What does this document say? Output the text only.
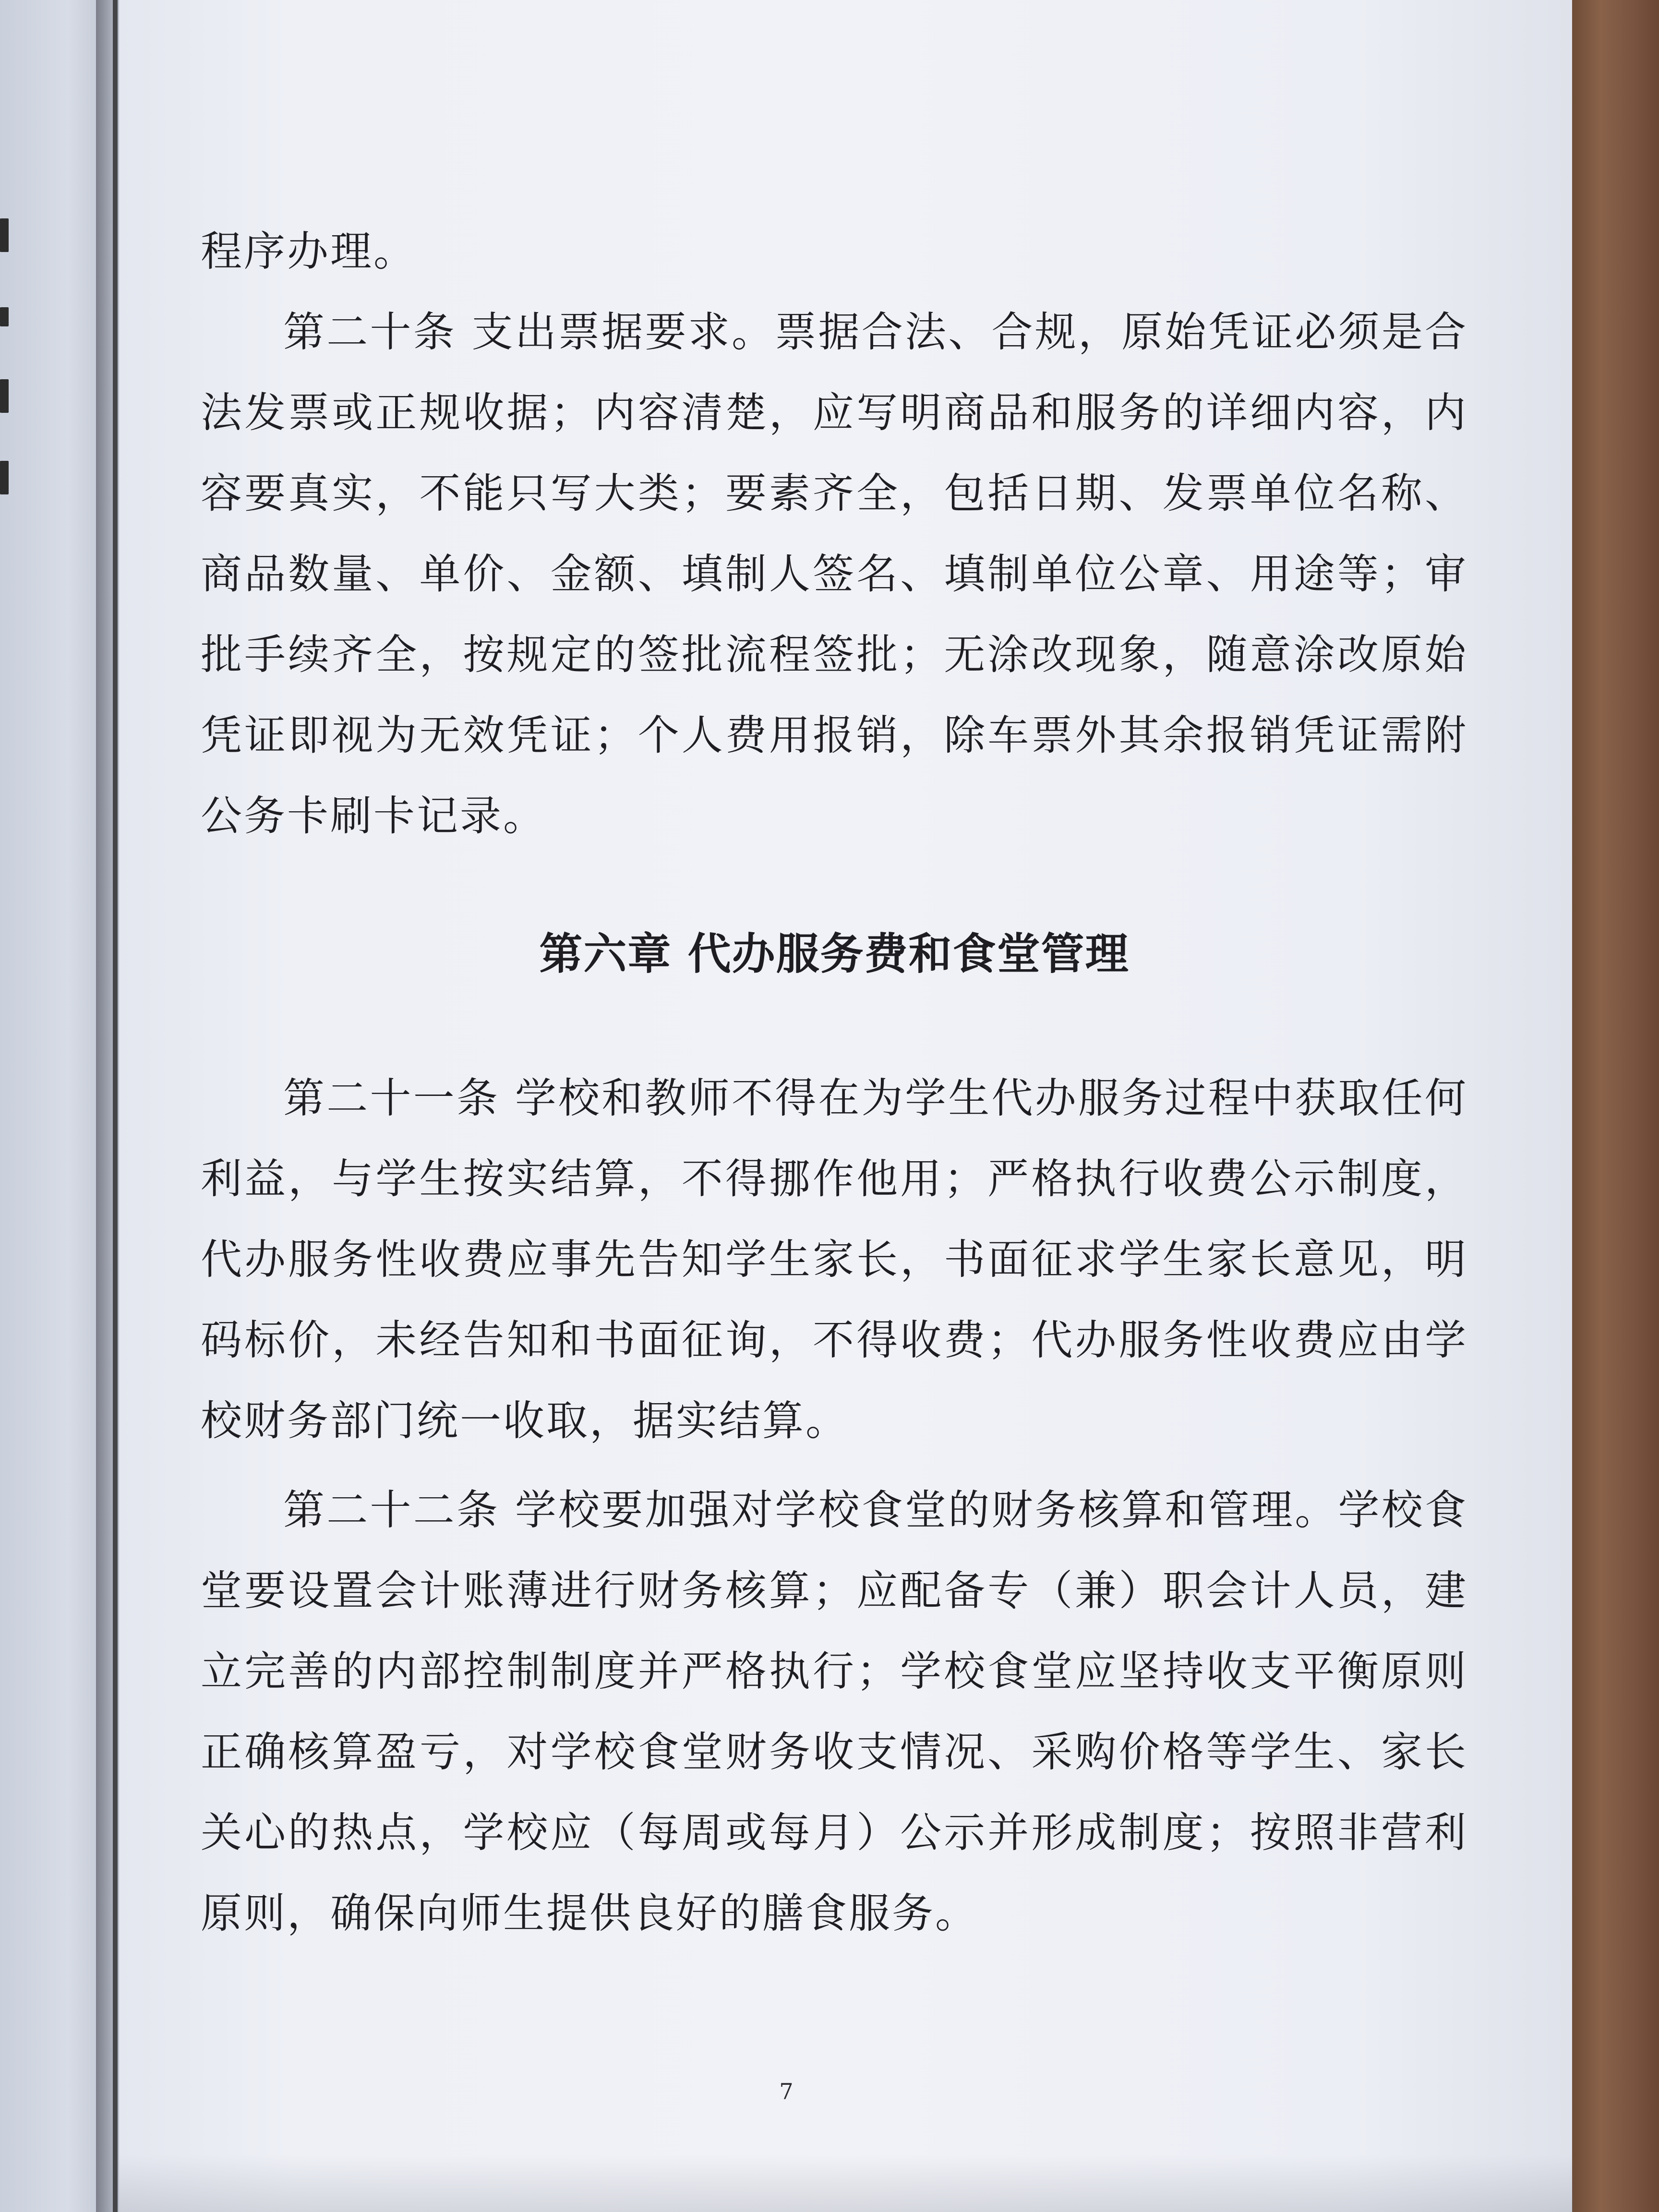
程序办理。

第二十条 支出票据要求。票据合法、合规，原始凭证必须是合法发票或正规收据；内容清楚，应写明商品和服务的详细内容，内容要真实，不能只写大类；要素齐全，包括日期、发票单位名称、商品数量、单价、金额、填制人签名、填制单位公章、用途等；审批手续齐全，按规定的签批流程签批；无涂改现象，随意涂改原始凭证即视为无效凭证；个人费用报销，除车票外其余报销凭证需附公务卡刷卡记录。

第六章 代办服务费和食堂管理

第二十一条 学校和教师不得在为学生代办服务过程中获取任何利益，与学生按实结算，不得挪作他用；严格执行收费公示制度，代办服务性收费应事先告知学生家长，书面征求学生家长意见，明码标价，未经告知和书面征询，不得收费；代办服务性收费应由学校财务部门统一收取，据实结算。

第二十二条 学校要加强对学校食堂的财务核算和管理。学校食堂要设置会计账薄进行财务核算；应配备专（兼）职会计人员，建立完善的内部控制制度并严格执行；学校食堂应坚持收支平衡原则正确核算盈亏，对学校食堂财务收支情况、采购价格等学生、家长关心的热点，学校应（每周或每月）公示并形成制度；按照非营利原则，确保向师生提供良好的膳食服务。

7
